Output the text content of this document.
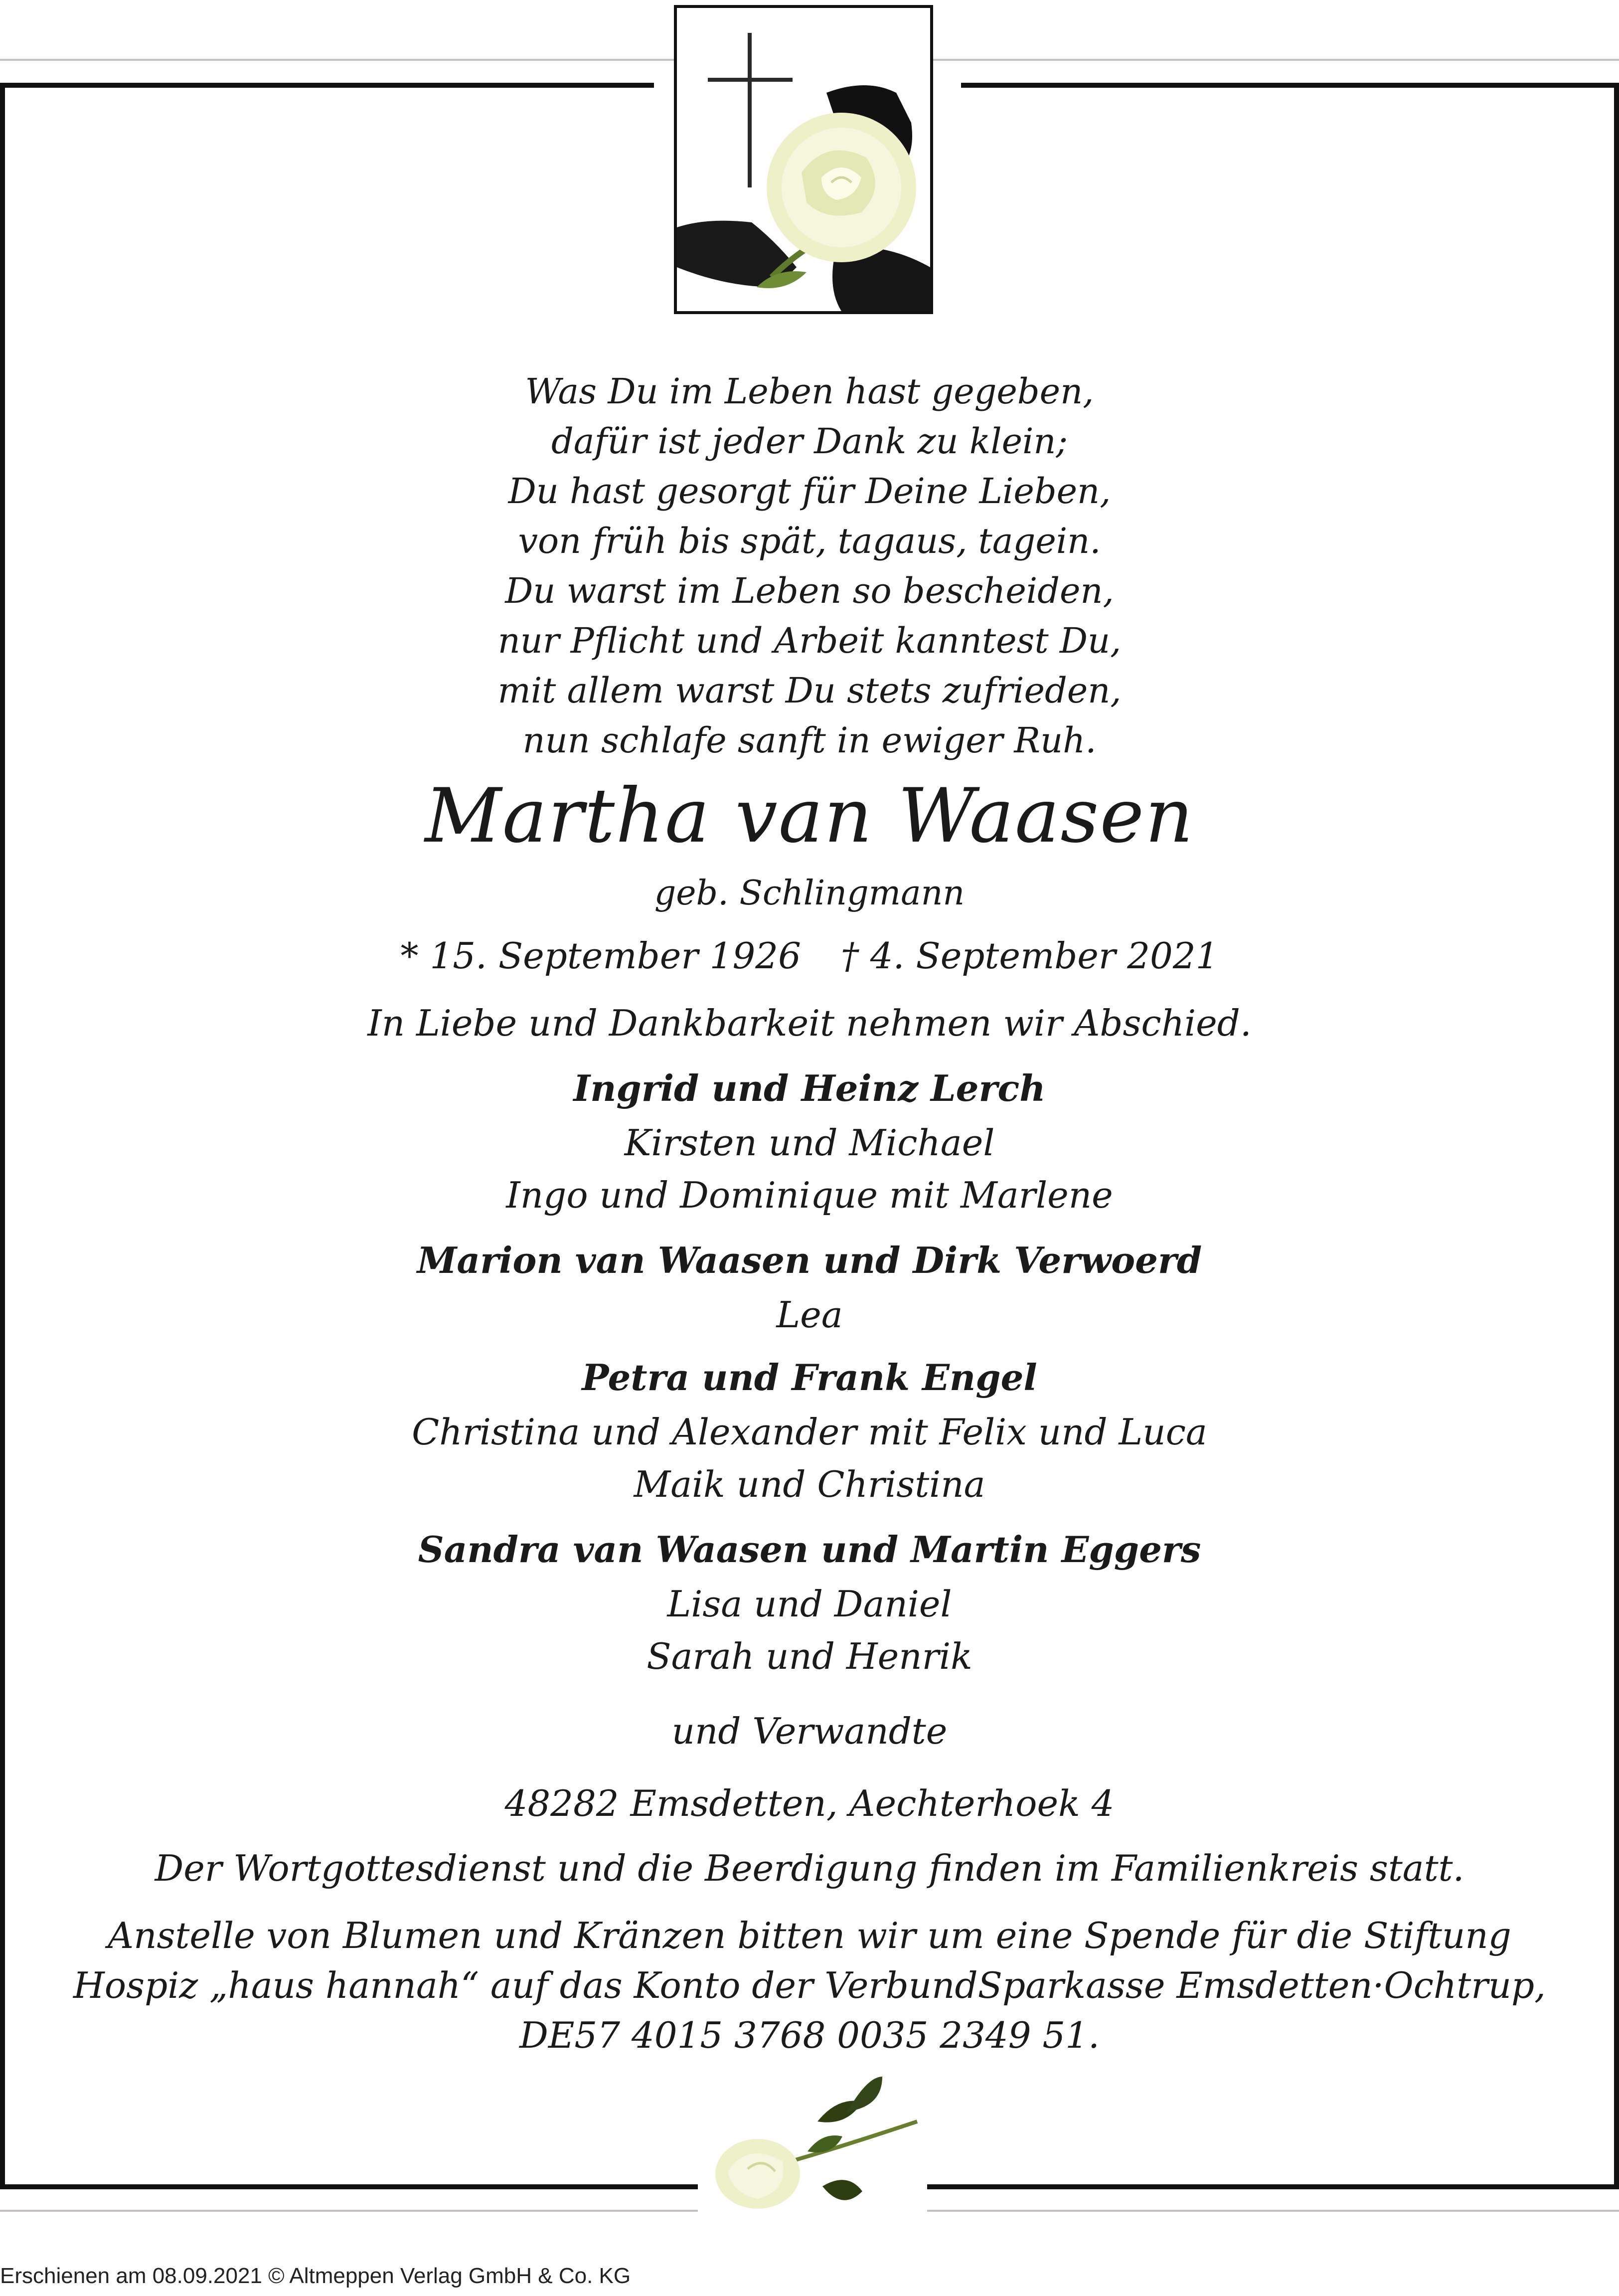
Was Du im Leben hast gegeben,
dafür ist jeder Dank zu klein;
Du hast gesorgt für Deine Lieben,
von früh bis spät, tagaus, tagein.
Du warst im Leben so bescheiden,
nur Pflicht und Arbeit kanntest Du,
mit allem warst Du stets zufrieden,
nun schlafe sanft in ewiger Ruh.
Martha van Waasen
geb. Schlingmann
* 15. September 1926 † 4. September 2021
In Liebe und Dankbarkeit nehmen wir Abschied.
Ingrid und Heinz Lerch
Kirsten und Michael
Ingo und Dominique mit Marlene
Marion van Waasen und Dirk Verwoerd
Lea
Petra und Frank Engel
Christina und Alexander mit Felix und Luca
Maik und Christina
Sandra van Waasen und Martin Eggers
Lisa und Daniel
Sarah und Henrik
und Verwandte
48282 Emsdetten, Aechterhoek 4
Der Wortgottesdienst und die Beerdigung finden im Familienkreis statt.
Anstelle von Blumen und Kränzen bitten wir um eine Spende für die Stiftung
Hospiz „haus hannah“ auf das Konto der VerbundSparkasse Emsdetten·Ochtrup,
DE57 4015 3768 0035 2349 51.
Erschienen am 08.09.2021 © Altmeppen Verlag GmbH & Co. KG
